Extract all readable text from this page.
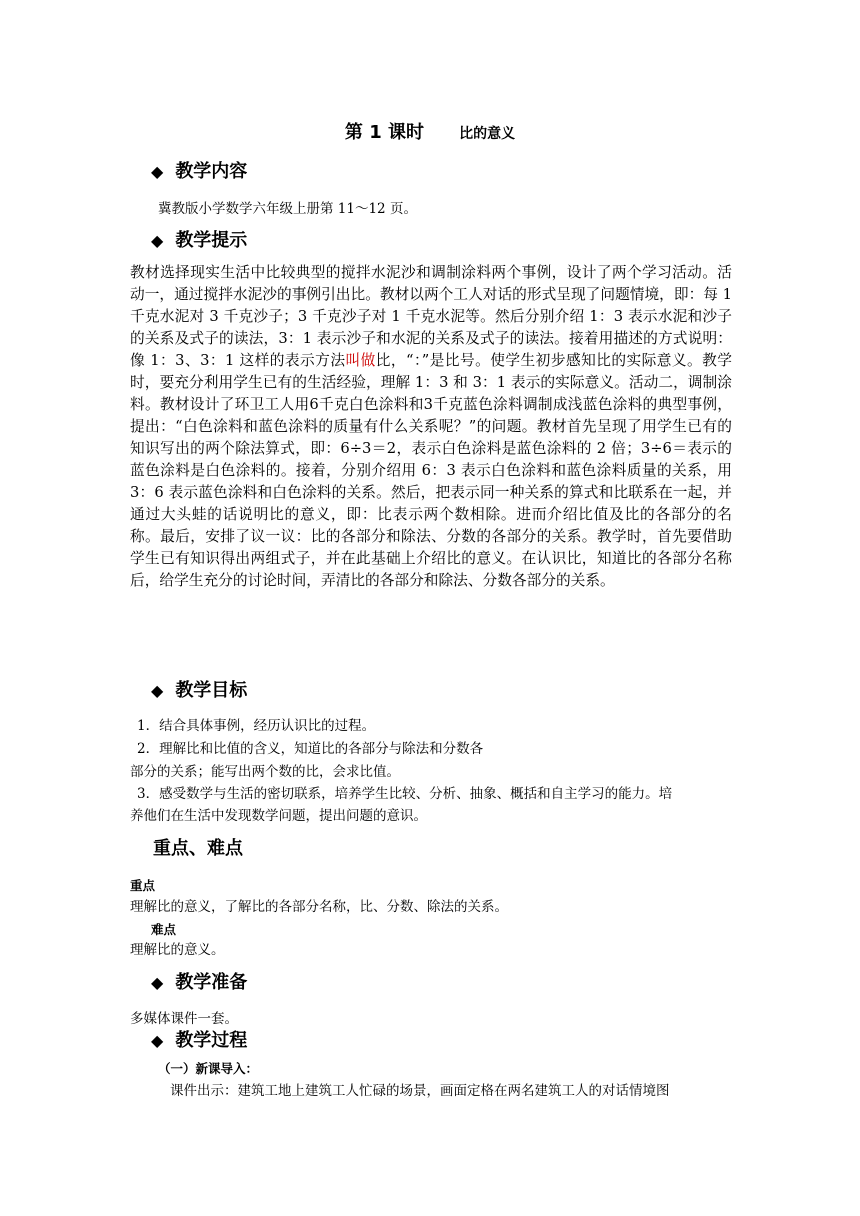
第 1 课时	比的意义
◆ 教学内容
冀教版小学数学六年级上册第 11～12 页。
◆ 教学提示
教材选择现实生活中比较典型的搅拌水泥沙和调制涂料两个事例，设计了两个学习活动。活动一，通过搅拌水泥沙的事例引出比。教材以两个工人对话的形式呈现了问题情境，即：每 1 千克水泥对 3 千克沙子；3 千克沙子对 1 千克水泥等。然后分别介绍 1：3 表示水泥和沙子的关系及式子的读法，3：1 表示沙子和水泥的关系及式子的读法。接着用描述的方式说明：像 1：3、3：1 这样的表示方法叫做比，“：”是比号。使学生初步感知比的实际意义。教学时，要充分利用学生已有的生活经验，理解 1：3 和 3：1 表示的实际意义。活动二，调制涂料。教材设计了环卫工人用6千克白色涂料和3千克蓝色涂料调制成浅蓝色涂料的典型事例，提出：“白色涂料和蓝色涂料的质量有什么关系呢？”的问题。教材首先呈现了用学生已有的知识写出的两个除法算式，即：6÷3＝2，表示白色涂料是蓝色涂料的 2 倍；3÷6＝表示的蓝色涂料是白色涂料的。接着，分别介绍用 6：3 表示白色涂料和蓝色涂料质量的关系，用 3：6 表示蓝色涂料和白色涂料的关系。然后，把表示同一种关系的算式和比联系在一起，并通过大头蛙的话说明比的意义，即：比表示两个数相除。进而介绍比值及比的各部分的名称。最后，安排了议一议：比的各部分和除法、分数的各部分的关系。教学时，首先要借助学生已有知识得出两组式子，并在此基础上介绍比的意义。在认识比，知道比的各部分名称后，给学生充分的讨论时间，弄清比的各部分和除法、分数各部分的关系。
◆ 教学目标
1．结合具体事例，经历认识比的过程。
2．理解比和比值的含义，知道比的各部分与除法和分数各
部分的关系；能写出两个数的比，会求比值。
3．感受数学与生活的密切联系，培养学生比较、分析、抽象、概括和自主学习的能力。培
养他们在生活中发现数学问题，提出问题的意识。
重点、难点
重点
理解比的意义，了解比的各部分名称，比、分数、除法的关系。
难点
理解比的意义。
◆ 教学准备
多媒体课件一套。
◆ 教学过程
（一）新课导入：
课件出示：建筑工地上建筑工人忙碌的场景，画面定格在两名建筑工人的对话情境图
